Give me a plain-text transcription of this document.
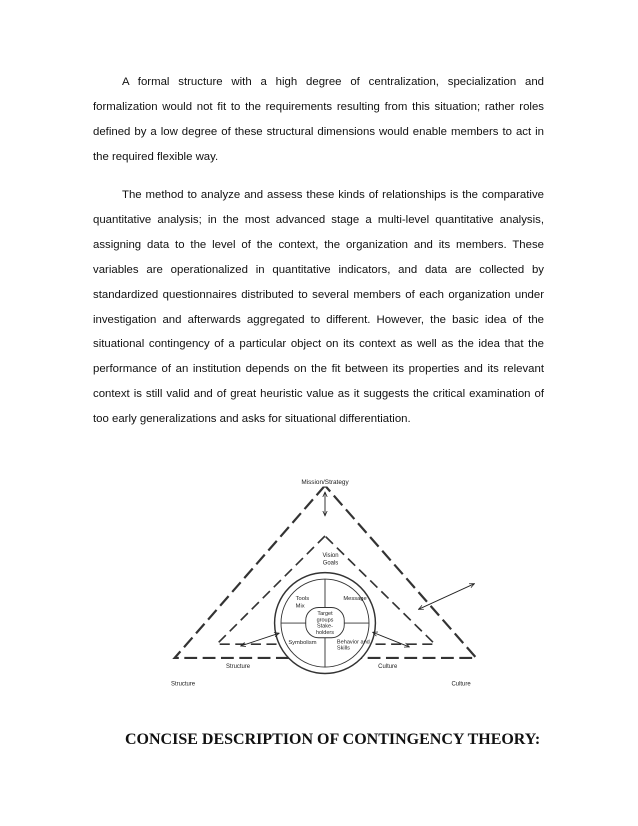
A formal structure with a high degree of centralization, specialization and formalization would not fit to the requirements resulting from this situation; rather roles defined by a low degree of these structural dimensions would enable members to act in the required flexible way.

The method to analyze and assess these kinds of relationships is the comparative quantitative analysis; in the most advanced stage a multi-level quantitative analysis, assigning data to the level of the context, the organization and its members. These variables are operationalized in quantitative indicators, and data are collected by standardized questionnaires distributed to several members of each organization under investigation and afterwards aggregated to different. However, the basic idea of the situational contingency of a particular object on its context as well as the idea that the performance of an institution depends on the fit between its properties and its relevant context is still valid and of great heuristic value as it suggests the critical examination of too early generalizations and asks for situational differentiation.

Mission/Strategy
Vision
Goals
Tools
Mix
Message
Target
groups
Stake-
holders
Symbolism	Behavior and
Skills
Structure	Culture
Structure	Culture
CONCISE DESCRIPTION OF CONTINGENCY THEORY:
